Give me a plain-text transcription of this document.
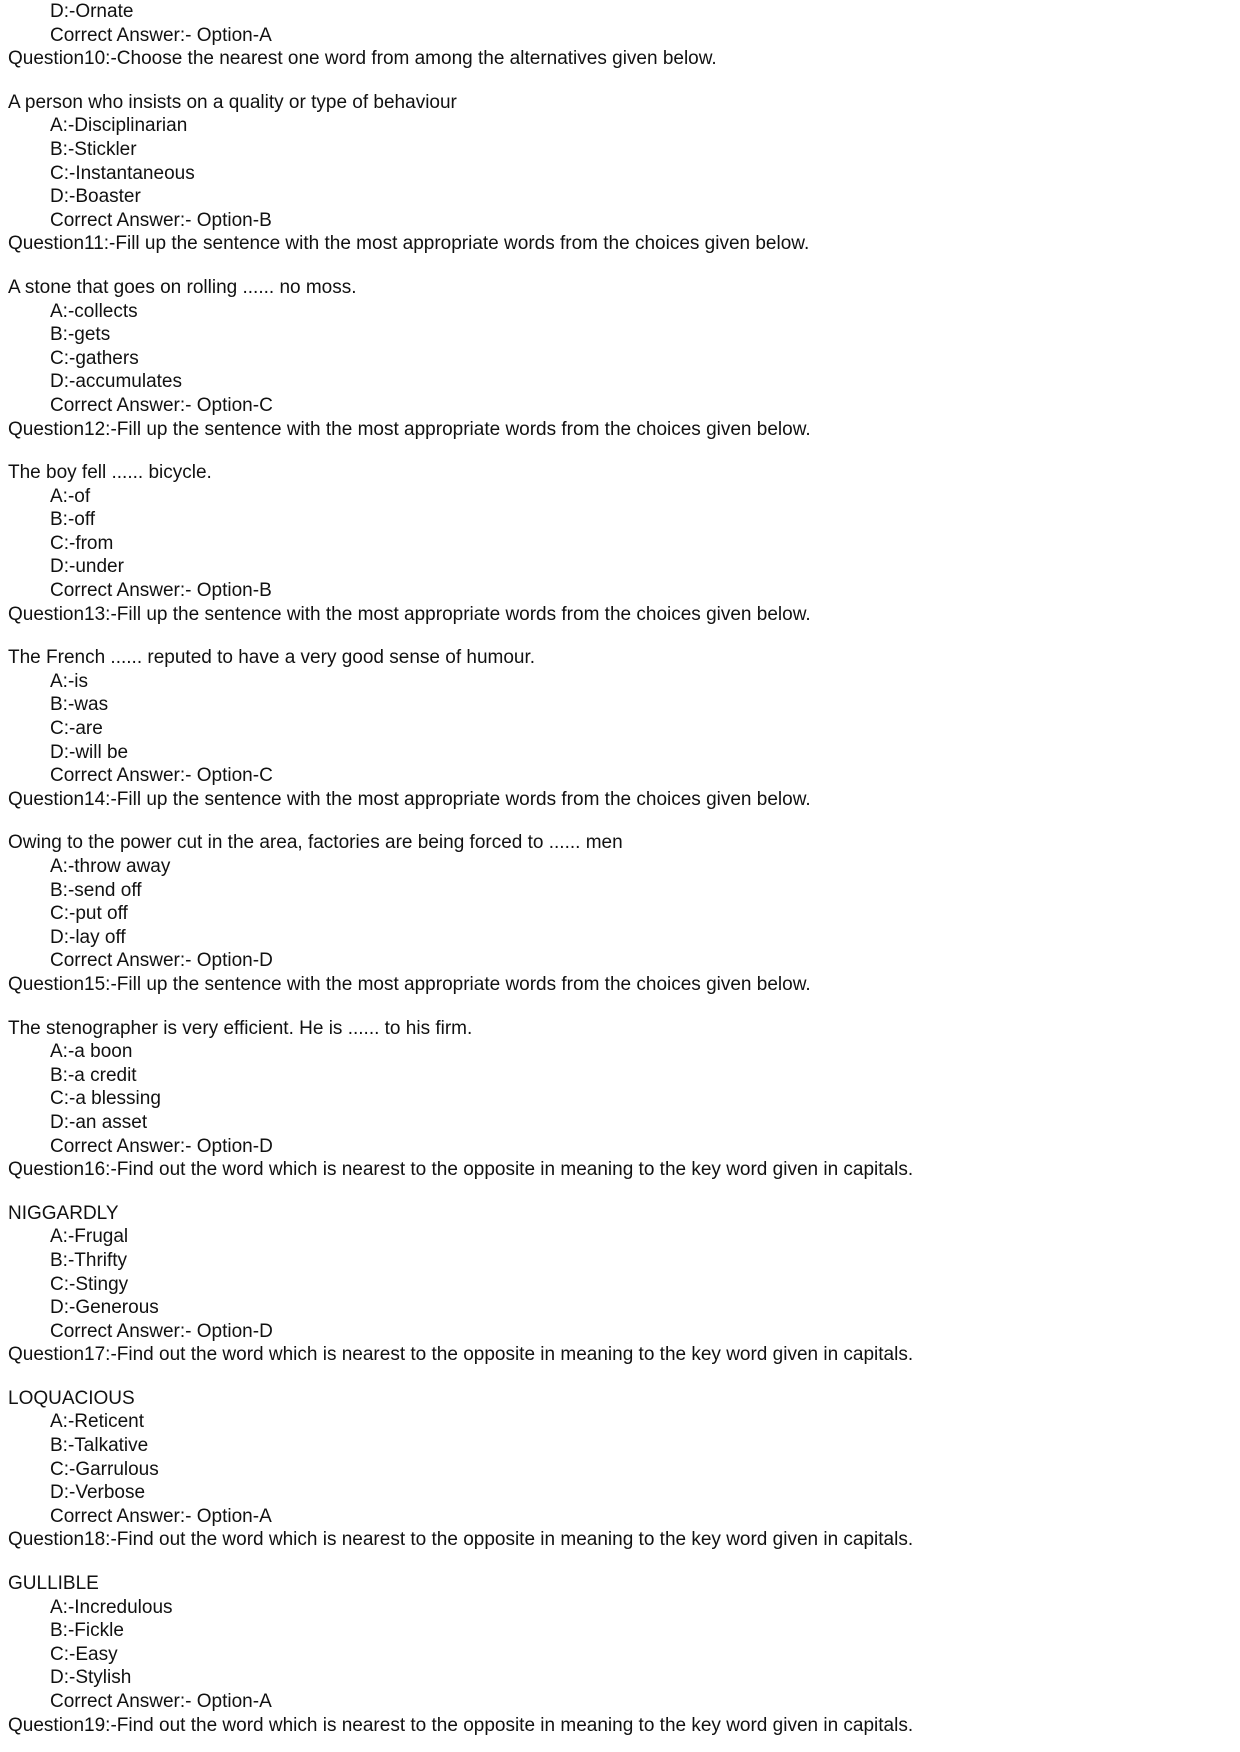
D:-Ornate
Correct Answer:- Option-A
Question10:-Choose the nearest one word from among the alternatives given below.
A person who insists on a quality or type of behaviour
A:-Disciplinarian
B:-Stickler
C:-Instantaneous
D:-Boaster
Correct Answer:- Option-B
Question11:-Fill up the sentence with the most appropriate words from the choices given below.
A stone that goes on rolling ...... no moss.
A:-collects
B:-gets
C:-gathers
D:-accumulates
Correct Answer:- Option-C
Question12:-Fill up the sentence with the most appropriate words from the choices given below.
The boy fell ...... bicycle.
A:-of
B:-off
C:-from
D:-under
Correct Answer:- Option-B
Question13:-Fill up the sentence with the most appropriate words from the choices given below.
The French ...... reputed to have a very good sense of humour.
A:-is
B:-was
C:-are
D:-will be
Correct Answer:- Option-C
Question14:-Fill up the sentence with the most appropriate words from the choices given below.
Owing to the power cut in the area, factories are being forced to ...... men
A:-throw away
B:-send off
C:-put off
D:-lay off
Correct Answer:- Option-D
Question15:-Fill up the sentence with the most appropriate words from the choices given below.
The stenographer is very efficient. He is ...... to his firm.
A:-a boon
B:-a credit
C:-a blessing
D:-an asset
Correct Answer:- Option-D
Question16:-Find out the word which is nearest to the opposite in meaning to the key word given in capitals.
NIGGARDLY
A:-Frugal
B:-Thrifty
C:-Stingy
D:-Generous
Correct Answer:- Option-D
Question17:-Find out the word which is nearest to the opposite in meaning to the key word given in capitals.
LOQUACIOUS
A:-Reticent
B:-Talkative
C:-Garrulous
D:-Verbose
Correct Answer:- Option-A
Question18:-Find out the word which is nearest to the opposite in meaning to the key word given in capitals.
GULLIBLE
A:-Incredulous
B:-Fickle
C:-Easy
D:-Stylish
Correct Answer:- Option-A
Question19:-Find out the word which is nearest to the opposite in meaning to the key word given in capitals.
